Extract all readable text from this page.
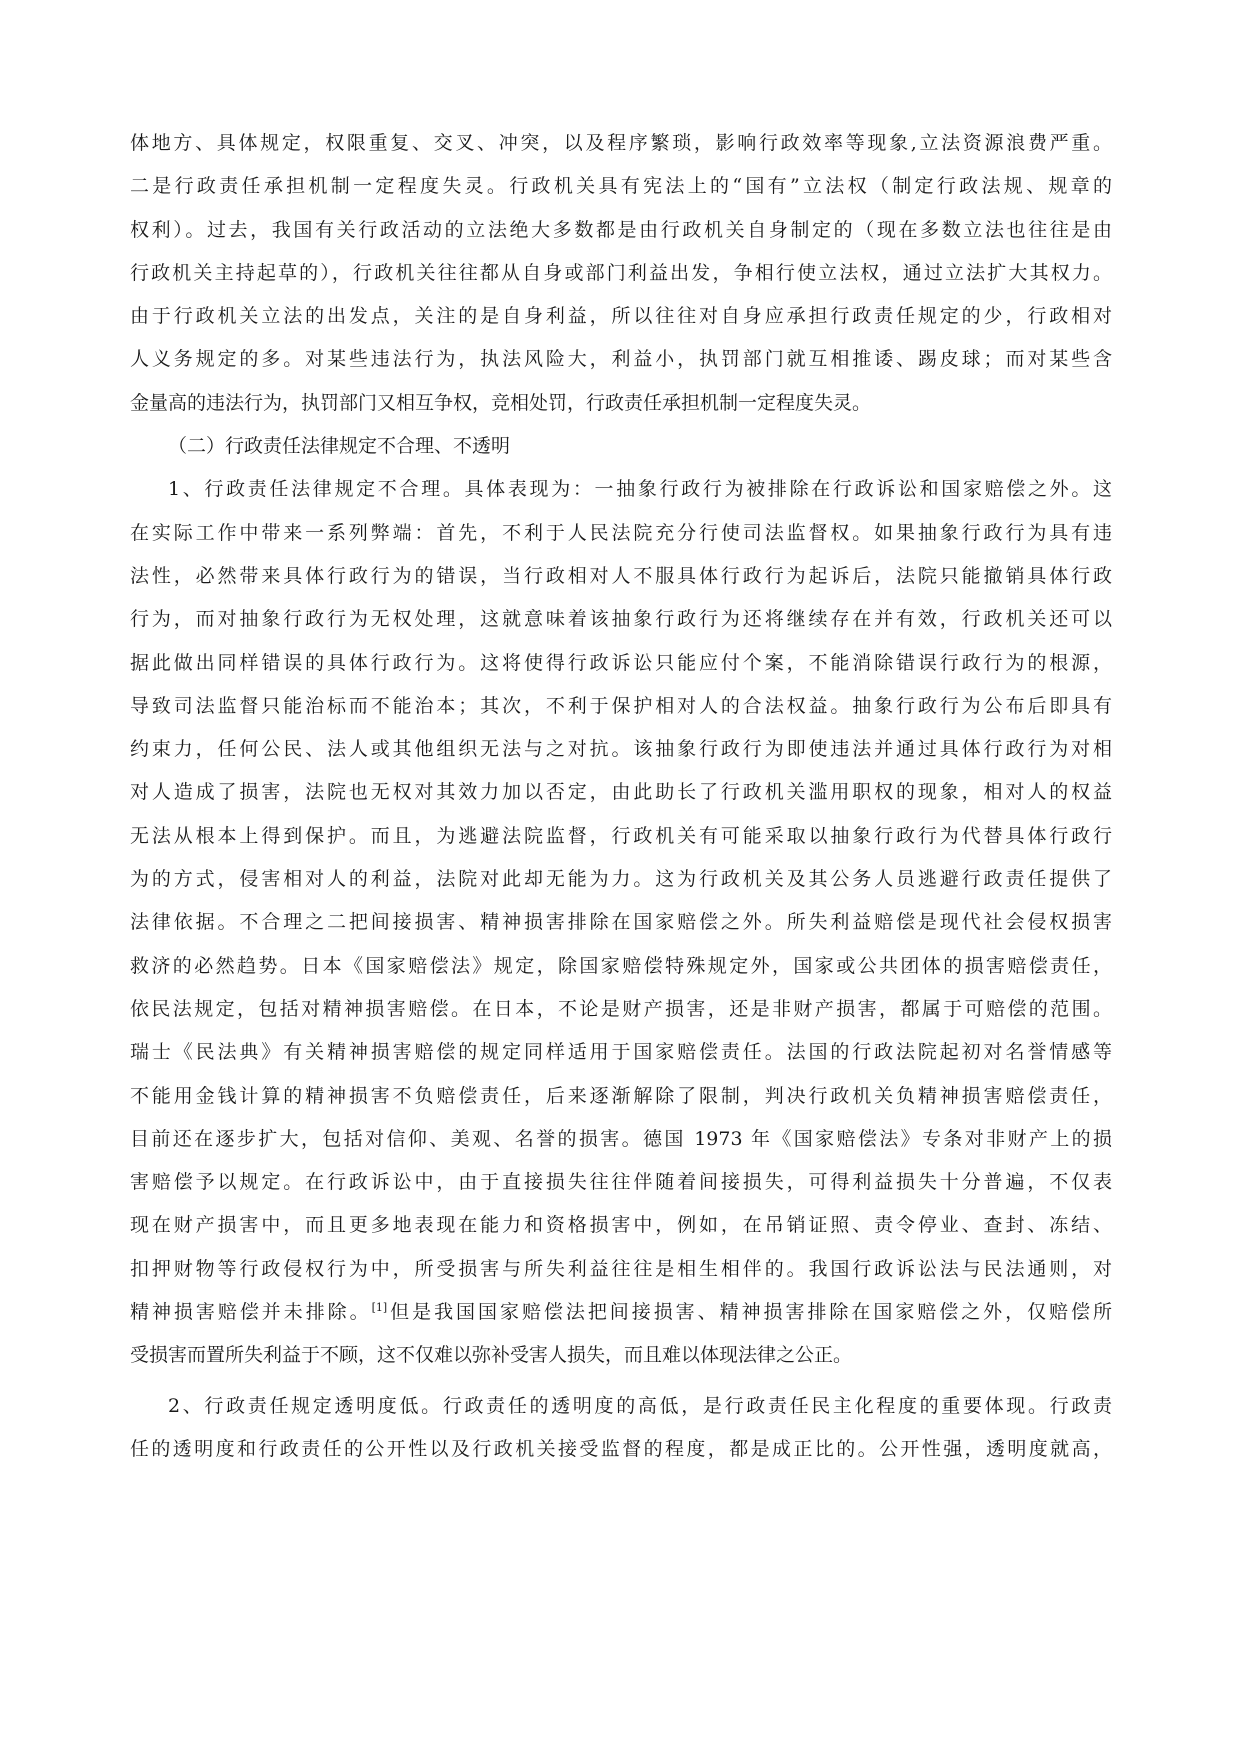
体地方、具体规定，权限重复、交叉、冲突，以及程序繁琐，影响行政效率等现象,立法资源浪费严重。
二是行政责任承担机制一定程度失灵。行政机关具有宪法上的“国有”立法权（制定行政法规、规章的
权利）。过去，我国有关行政活动的立法绝大多数都是由行政机关自身制定的（现在多数立法也往往是由
行政机关主持起草的），行政机关往往都从自身或部门利益出发，争相行使立法权，通过立法扩大其权力。
由于行政机关立法的出发点，关注的是自身利益，所以往往对自身应承担行政责任规定的少，行政相对
人义务规定的多。对某些违法行为，执法风险大，利益小，执罚部门就互相推诿、踢皮球；而对某些含
金量高的违法行为，执罚部门又相互争权，竞相处罚，行政责任承担机制一定程度失灵。
（二）行政责任法律规定不合理、不透明
1、行政责任法律规定不合理。具体表现为：一抽象行政行为被排除在行政诉讼和国家赔偿之外。这
在实际工作中带来一系列弊端：首先，不利于人民法院充分行使司法监督权。如果抽象行政行为具有违
法性，必然带来具体行政行为的错误，当行政相对人不服具体行政行为起诉后，法院只能撤销具体行政
行为，而对抽象行政行为无权处理，这就意味着该抽象行政行为还将继续存在并有效，行政机关还可以
据此做出同样错误的具体行政行为。这将使得行政诉讼只能应付个案，不能消除错误行政行为的根源，
导致司法监督只能治标而不能治本；其次，不利于保护相对人的合法权益。抽象行政行为公布后即具有
约束力，任何公民、法人或其他组织无法与之对抗。该抽象行政行为即使违法并通过具体行政行为对相
对人造成了损害，法院也无权对其效力加以否定，由此助长了行政机关滥用职权的现象，相对人的权益
无法从根本上得到保护。而且，为逃避法院监督，行政机关有可能采取以抽象行政行为代替具体行政行
为的方式，侵害相对人的利益，法院对此却无能为力。这为行政机关及其公务人员逃避行政责任提供了
法律依据。不合理之二把间接损害、精神损害排除在国家赔偿之外。所失利益赔偿是现代社会侵权损害
救济的必然趋势。日本《国家赔偿法》规定，除国家赔偿特殊规定外，国家或公共团体的损害赔偿责任，
依民法规定，包括对精神损害赔偿。在日本，不论是财产损害，还是非财产损害，都属于可赔偿的范围。
瑞士《民法典》有关精神损害赔偿的规定同样适用于国家赔偿责任。法国的行政法院起初对名誉情感等
不能用金钱计算的精神损害不负赔偿责任，后来逐渐解除了限制，判决行政机关负精神损害赔偿责任，
目前还在逐步扩大，包括对信仰、美观、名誉的损害。德国 1973 年《国家赔偿法》专条对非财产上的损
害赔偿予以规定。在行政诉讼中，由于直接损失往往伴随着间接损失，可得利益损失十分普遍，不仅表
现在财产损害中，而且更多地表现在能力和资格损害中，例如，在吊销证照、责令停业、查封、冻结、
扣押财物等行政侵权行为中，所受损害与所失利益往往是相生相伴的。我国行政诉讼法与民法通则，对
精神损害赔偿并未排除。[1]但是我国国家赔偿法把间接损害、精神损害排除在国家赔偿之外，仅赔偿所
受损害而置所失利益于不顾，这不仅难以弥补受害人损失，而且难以体现法律之公正。
2、行政责任规定透明度低。行政责任的透明度的高低，是行政责任民主化程度的重要体现。行政责
任的透明度和行政责任的公开性以及行政机关接受监督的程度，都是成正比的。公开性强，透明度就高，
